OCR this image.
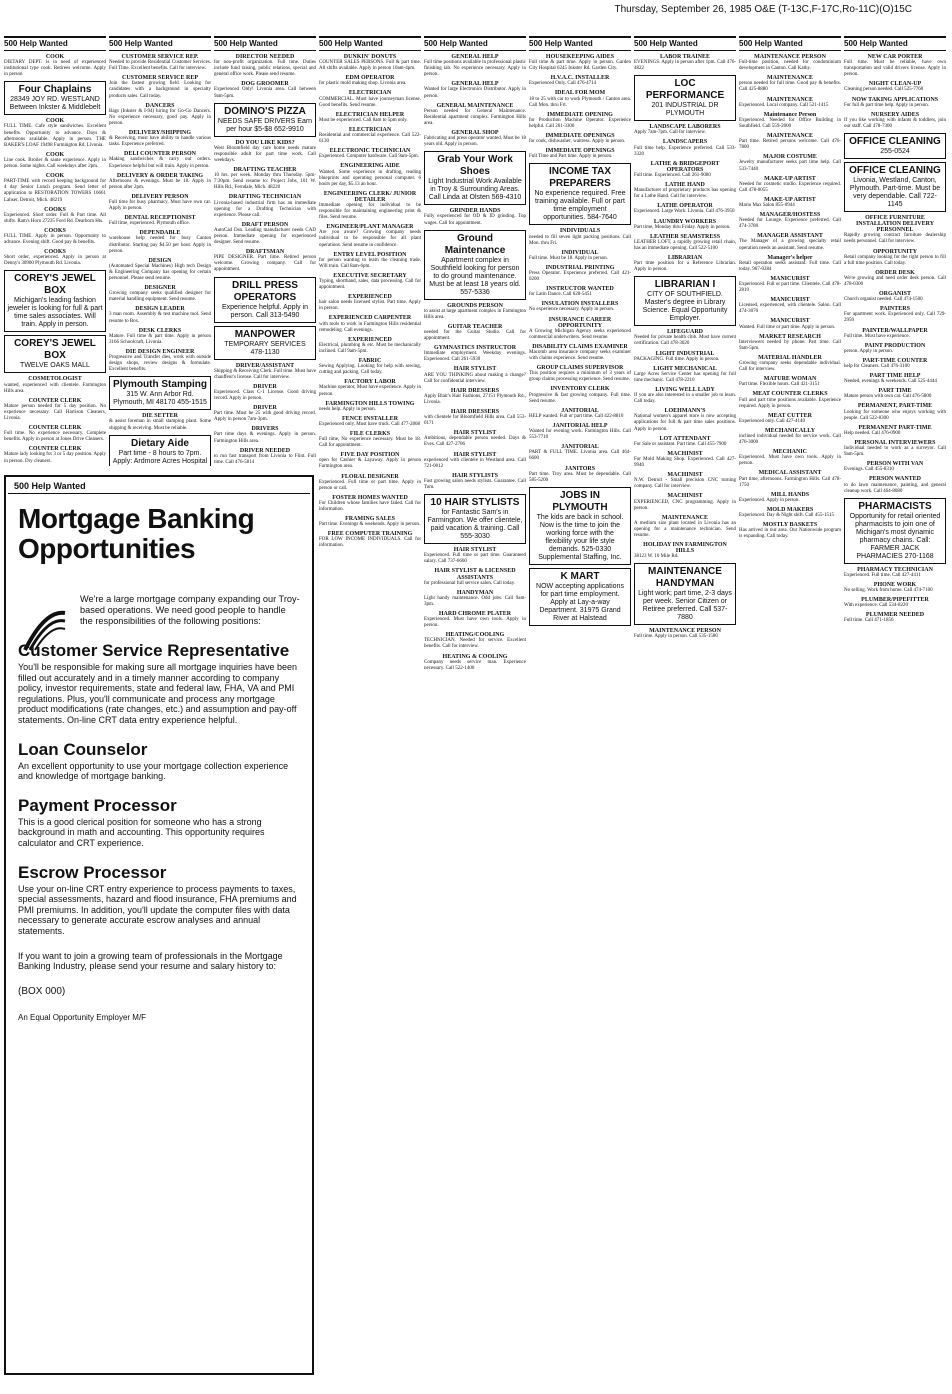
Thursday, September 26, 1985 O&E (T-13C,F-17C,Ro-11C)(O)15C
500 Help Wanted
COOK
DIETARY DEPT. is in need of experienced institutional type cook. Retirees welcome. Apply in person
Four Chaplains
28349 JOY RD. WESTLAND Between Inkster & Middlebelt
COOK
FULL TIME. Cafe style sandwiches. Excellent benefits. Opportunity to advance. Days & afternoons available. Apply in person. THE BAKER'S LOAF 19498 Farmington Rd. Livonia.
COOK
Line cook. Broiler & saute experience. Apply in person. Some nights. Call weekdays after 2pm.
COOK
PART-TIME with record keeping background for 4 day Senior Lunch program. Send letter of application to RESTORATION TOWERS 16661 Lahser, Detroit, Mich. 48219
COOKS
Experienced. Short order. Full & Part time. All shifts. Ram's Horn 27235 Ford Rd. Dearborn Hts.
COOKS
FULL TIME. Apply in person. Opportunity to advance. Evening shift. Good pay & benefits.
COOKS
Short order, experienced. Apply in person at Denny's 30900 Plymouth Rd. Livonia.
COREY'S JEWEL BOX
Michigan's leading fashion jeweler is looking for full & part time sales associates. Will train. Apply in person.
COREY'S JEWEL BOX
TWELVE OAKS MALL
COSMETOLOGIST
wanted, experienced with clientele. Farmington Hills area.
COUNTER CLERK
Mature person needed for 5 day position. No experience necessary. Call Harrison Cleaners, Livonia.
COUNTER CLERK
Full time. No experience necessary. Complete benefits. Apply in person at Jones Drive Cleaners.
COUNTER CLERK
Mature lady looking for 3 or 5 day position. Apply in person. Dry cleaners.
500 Help Wanted
CUSTOMER SERVICE REP.
Needed to provide Residential Customer Services. Full Time. Excellent benefits. Call for interview.
CUSTOMER SERVICE REP
Join the fastest growing field. Looking for candidates with a background in specialty products sales. Call today.
DANCERS
Bags (Inkster & I-94) hiring for Go-Go Dancers. No experience necessary, good pay. Apply in person.
DELIVERY/SHIPPING
& Receiving, must have ability to handle various tasks. Experience preferred.
DELI COUNTER PERSON
Making sandwiches & carry out orders. Experience helpful but will train. Apply in person.
DELIVERY & ORDER TAKING
Afternoons & evenings. Must be 18. Apply in person after 2pm.
DELIVERY PERSON
Full time for busy pharmacy. Must have own car. Apply in person.
DENTAL RECEPTIONIST
Full time, experienced. Plymouth office.
DEPENDABLE
warehouse help needed for busy Canton distributor. Starting pay $4.50 per hour. Apply in person.
DESIGN
(Automated Special Machines) High tech Design & Engineering Company has opening for certain personnel. Please send resume.
DESIGNER
Growing company seeks qualified designer for material handling equipment. Send resume.
DESIGN LEADER
3 man room. Assembly & test machine tool. Send resume to Box.
DESK CLERKS
Mature. Full time & part time. Apply in person 3166 Schoolcraft, Livonia.
DIE DESIGN ENGINEER
Progressive and Transfer dies, work with outside design shops, review designs & formulate. Excellent benefits.
Plymouth Stamping
315 W. Ann Arbor Rd. Plymouth, MI 48170 455-1515
DIE SETTER
& assist foreman in small stamping plant. Some shipping & receiving. Must be reliable.
Dietary Aide
Part time - 8 hours to 7pm. Apply: Ardmore Acres Hospital
500 Help Wanted
DIRECTOR NEEDED
for non-profit organization. Full time. Duties include fund raising, public relations, special and general office work. Please send resume.
DOG GROOMER
Experienced Only! Livonia area. Call between 9am-5pm.
DOMINO'S PIZZA
NEEDS SAFE DRIVERS Earn per hour $5-$8 652-9910
DO YOU LIKE KIDS?
West Bloomfield day care home needs mature responsible adult for part time work. Call weekdays.
DRAFTING TEACHER
10 hrs. per week. Monday thru Thursday. 5pm-7:30pm. Send resume to: Project Jobs, 101 W. Hills Rd., Ferndale, Mich. 48220
DRAFTING TECHNICIAN
Livonia-based industrial firm has an immediate opening for a Drafting Technician with experience. Please call.
DRAFT PERSON
AutoCad Dsn. Leading manufacturer needs CAD person. Immediate opening for experienced designer. Send resume.
DRAFTSMAN
PIPE DESIGNER. Part time. Retired person welcome. Growing company. Call for appointment.
DRILL PRESS OPERATORS
Experience helpful. Apply in person. Call 313-5490
MANPOWER
TEMPORARY SERVICES 478-1130
DRIVER/ASSISTANT
Shipping & Receiving Clerk. Full time. Must have chauffeur's license. Call for interview.
DRIVER
Experienced. Class C-1 License. Good driving record. Apply in person.
DRIVER
Part time. Must be 25 with good driving record. Apply in person 7am-3pm.
DRIVERS
Part time days & evenings. Apply in person. Farmington Hills area.
DRIVER NEEDED
to run fast transport from Livonia to Flint. Full time. Call 476-5814
500 Help Wanted
DUNKIN' DONUTS
COUNTER SALES PERSONS. Full & part time. All shifts available. Apply in person 10am-4pm.
EDM OPERATOR
for plastic mold making shop. Livonia area.
ELECTRICIAN
COMMERCIAL. Must have journeyman license. Good benefits. Send resume.
ELECTRICIAN HELPER
Must be experienced. Call 8am to 5pm only.
ELECTRICIAN
Residential and commercial experience. Call 522-6130
ELECTRONIC TECHNICIAN
Experienced. Computer hardware. Call 9am-5pm.
ENGINEERING AIDE
Wanted. Some experience in drafting, reading blueprints and operating personal computer. 6 hours per day, $5.13 an hour.
ENGINEERING CLERK/ JUNIOR DETAILER
Immediate opening for individual to be responsible for maintaining engineering print & files. Send resume.
ENGINEER/PLANT MANAGER
Are you aware? Growing company needs individual to be responsible for all plant operations. Send resume in confidence.
ENTRY LEVEL POSITION
for person wanting to learn the cleaning trade. Will train. Call 8am-6pm.
EXECUTIVE SECRETARY
Typing, shorthand, sales, data processing. Call for appointment.
EXPERIENCED
hair salon needs licensed stylist. Part time. Apply in person.
EXPERIENCED CARPENTER
with tools to work in Farmington Hills residential remodeling. Call evenings.
EXPERIENCED
Electrical, plumbing & etc. Must be mechanically inclined. Call 9am-5pm.
FABRIC
Sewing Applying. Looking for help with sewing, cutting and packing. Call today.
FACTORY LABOR
Machine operator, Must have experience. Apply in person.
FARMINGTON HILLS TOWING
needs help. Apply in person.
FENCE INSTALLER
Experienced only. Must have truck. Call 477-2868
FILE CLERKS
Full time, No experience necessary. Must be 18. Call for appointment.
FIVE DAY POSITION
open for Cashier & Layaway. Apply in person Farmington area.
FLORAL DESIGNER
Experienced. Full time or part time. Apply in person or call.
FOSTER HOMES WANTED
For Children whose families have failed. Call for information.
FRAMING SALES
Part time. Evenings & weekends. Apply in person.
FREE COMPUTER TRAINING
FOR LOW INCOME INDIVIDUALS. Call for information.
500 Help Wanted
GENERAL HELP
Full time positions available in professional plastic finishing lab. No experience necessary. Apply in person.
GENERAL HELP
Wanted for large Electronics Distributor. Apply in person.
GENERAL MAINTENANCE
Person needed for General Maintenance. Residential apartment complex. Farmington Hills area.
GENERAL SHOP
Fabricating and press operator wanted. Must be 18 years old. Apply in person.
Grab Your Work Shoes
Light Industrial Work Available in Troy & Surrounding Areas. Call Linda at Olsten 569-4310
GRINDER HANDS
Fully experienced for OD & ID grinding. Top wages. Call for appointment.
Ground Maintenance
Apartment complex in Southfield looking for person to do ground maintenance. Must be at least 18 years old. 557-5336
GROUNDS PERSON
to assist at large apartment complex in Farmington Hills area.
GUITAR TEACHER
needed for the Guitar Studio. Call for appointment.
GYMNASTICS INSTRUCTOR
Immediate employment. Weekday evenings. Experienced. Call 261-5930
HAIR STYLIST
ARE YOU THINKING about making a change? Call for confidential interview.
HAIR DRESSERS
Apply Blair's Hair Fashions, 27151 Plymouth Rd., Livonia.
HAIR DRESSERS
with clientele for Bloomfield Hills area. Call 553-0171
HAIR STYLIST
Ambitious, dependable person needed. Days & Eves. Call 427-2706
HAIR STYLIST
experienced with clientele in Westland area. Call 721-0012
HAIR STYLISTS
Fast growing salon needs stylists. Guarantee. Call Tom.
10 HAIR STYLISTS
for Fantastic Sam's in Farmington. We offer clientele, paid vacation & training. Call 555-3030
HAIR STYLIST
Experienced. Full time or part time. Guaranteed salary. Call 737-6660
HAIR STYLIST & LICENSED ASSISTANTS
for professional full service salon. Call today.
HANDYMAN
Light handy maintenance. Odd jobs. Call 9am-3pm.
HARD CHROME PLATER
Experienced. Must have own tools. Apply in person.
HEATING/COOLING
TECHNICIAN. Needed for service. Excellent benefits. Call for interview.
HEATING & COOLING
Company needs service man. Experience necessary. Call 522-1400
500 Help Wanted
HOUSEKEEPING AIDES
Full time & part time. Apply in person. Garden City Hospital 6245 Inkster Rd. Garden City.
H.V.A.C. INSTALLER
Experienced Only. Call 476-4714
IDEAL FOR MOM
18 to 25 with car to work Plymouth / Canton area. Call Mon. thru Fri.
IMMEDIATE OPENING
for Production Machine Operator. Experience helpful. Call 261-3300
IMMEDIATE OPENINGS
for cook, dishwasher, waitress. Apply in person.
IMMEDIATE OPENINGS
Full Time and Part time. Apply in person.
INCOME TAX PREPARERS
No experience required. Free training available. Full or part time employment opportunities. 584-7640
INDIVIDUALS
needed to fill seven light packing positions. Call Mon. thru Fri.
INDIVIDUAL
Full time. Must be 18. Apply in person.
INDUSTRIAL PRINTING
Press Operator. Experience preferred. Call 421-0200
INSTRUCTOR WANTED
for Latin Dance. Call 628-5451
INSULATION INSTALLERS
No experience necessary. Apply in person.
INSURANCE CAREER OPPORTUNITY
A Growing Michigan Agency seeks experienced commercial underwriters. Send resume.
DISABILITY CLAIMS EXAMINER
Macomb area insurance company seeks examiner with claims experience. Send resume.
GROUP CLAIMS SUPERVISOR
This position requires a minimum of 3 years of group claims processing experience. Send resume.
INVENTORY CLERK
Progressive & fast growing company. Full time. Send resume.
JANITORIAL
HELP wanted. Full or part time. Call 422-8810
JANITORIAL HELP
Wanted for evening work. Farmington Hills. Call 553-7710
JANITORIAL
PART & FULL TIME. Livonia area. Call 464-6600
JANITORS
Part time. Troy area. Must be dependable. Call 585-5200
JOBS IN PLYMOUTH
The kids are back in school. Now is the time to join the working force with the flexibility your life style demands. 525-0330 Supplemental Staffing, Inc.
K MART
NOW accepting applications for part time employment. Apply at Lay-a-way Department. 31975 Grand River at Halstead
500 Help Wanted
LABOR TRAINEE
EVENINGS. Apply in person after 1pm. Call 476-4822
LOC PERFORMANCE
201 INDUSTRIAL DR PLYMOUTH
LANDSCAPE LABORERS
Apply 7am-7pm. Call for interview.
LANDSCAPERS
Full time help. Experience preferred. Call 533-3320
LATHE & BRIDGEPORT OPERATORS
Full time. Experienced. Call 261-9080
LATHE HAND
Manufacturer of proprietary products has opening for a Lathe Hand. Call for interview.
LATHE OPERATOR
Experienced. Large Work. Livonia. Call 476-3950
LAUNDRY WORKERS
Part time, Monday thru Friday. Apply in person.
LEATHER SEAMSTRESS
LEATHER LOFT, a rapidly growing retail chain, has an immediate opening. Call 522-5100
LIBRARIAN
Part time position for a Reference Librarian. Apply in person.
LIBRARIAN I
CITY OF SOUTHFIELD. Master's degree in Library Science. Equal Opportunity Employer.
LIFEGUARD
Needed for private health club. Must have current certification. Call 478-3020
LIGHT INDUSTRIAL
PACKAGING. Full time. Apply in person.
LIGHT MECHANICAL
Large Acres Service Center has opening for full time mechanic. Call 478-2210
LIVING WELL LADY
If you are also interested in a smaller job to learn. Call today.
LOEHMANN'S
National women's apparel store is now accepting applications for full & part time sales positions. Apply in person.
LOT ATTENDANT
For Sale or assistant. Part time. Call 455-7900
MACHINIST
For Mold Making Shop. Experienced. Call 427-9940
MACHINIST
N.W. Detroit - Small precision CNC turning company. Call for interview.
MACHINIST
EXPERIENCED, CNC programming. Apply in person.
MAINTENANCE
A medium size plant located in Livonia has an opening for a maintenance technician. Send resume.
HOLIDAY INN FARMINGTON HILLS
38123 W. 10 Mile Rd.
MAINTENANCE HANDYMAN
Light work; part time, 2-3 days per week. Senior Citizen or Retiree preferred. Call 537-7880
MAINTENANCE PERSON
Full time. Apply in person. Call 535-1580
500 Help Wanted
MAINTENANCE PERSON
Full-time position, needed for condominium development in Canton. Call Kathy.
MAINTENANCE
person needed for full time. Good pay & benefits. Call 425-8880
MAINTENANCE
Experienced. Local company. Call 521-1415
Maintenance Person
Experienced. Needed for Office Building in Southfield. Call 559-2000
MAINTENANCE
Part time. Retired persons welcome. Call 476-7800
MAJOR COSTUME
Jewelry manufacturer seeks part time help. Call 533-7440
MAKE-UP ARTIST
Needed for cosmetic studio. Experience required. Call 478-0055
MAKE-UP ARTIST
Mario Max Salon 855-0944
MANAGER/HOSTESS
Needed for Lounge. Experience preferred. Call 474-3780
MANAGER ASSISTANT
The Manager of a growing specialty retail operation needs an assistant. Send resume.
Manager's helper
Retail operation seeks assistant. Full time. Call today. 967-0284
MANICURIST
Experienced. Full or part time. Clientele. Call 478-2810
MANICURIST
Licensed, experienced, with clientele. Salon. Call 474-3070
MANICURIST
Wanted. Full time or part time. Apply in person.
MARKET RESEARCH
Interviewers needed by phone. Part time. Call 9am-5pm.
MATERIAL HANDLER
Growing company seeks dependable individual. Call for interview.
MATURE WOMAN
Part time. Flexible hours. Call 421-3151
MEAT COUNTER CLERKS
Full and part time positions available. Experience required. Apply in person.
MEAT CUTTER
Experienced only. Call 427-4140
MECHANICALLY
inclined individual needed for service work. Call 476-3000
MECHANIC
Experienced. Must have own tools. Apply in person.
MEDICAL ASSISTANT
Part time, afternoons. Farmington Hills. Call 478-1750
MILL HANDS
Experienced. Apply in person.
MOLD MAKERS
Experienced. Day & Night shift. Call 455-1515
MOSTLY BASKETS
Has arrived in our area. Our Nationwide program is expanding. Call today.
500 Help Wanted
NEW CAR PORTER
Full time. Must be reliable, have own transportation and valid drivers license. Apply in person.
NIGHT CLEAN-UP
Cleaning person needed. Call 525-7760
NOW TAKING APPLICATIONS
For full & part time help. Apply in person.
NURSERY AIDES
If you like working with infants & toddlers, join our staff. Call 478-7300
OFFICE CLEANING
255-0524
OFFICE CLEANING
Livonia, Westland, Canton, Plymouth. Part-time. Must be very dependable. Call 722-1145
OFFICE FURNITURE INSTALLATION DELIVERY PERSONNEL
Rapidly growing contract furniture dealership needs personnel. Call for interview.
OPPORTUNITY
Retail company looking for the right person to fill a full time position. Call today.
ORDER DESK
We're growing and need order desk person. Call 478-0300
ORGANIST
Church organist needed. Call 474-1500
PAINTERS
For apartment work. Experienced only. Call 729-2950
PAINTER/WALLPAPER
Full time. Must have experience.
PAINT PRODUCTION
person. Apply in person.
PART-TIME COUNTER
help for Cleaners. Call 476-3100
PART TIME HELP
Needed, evenings & weekends. Call 525-4444
PART TIME
Mature person with own car. Call 476-5800
PERMANENT, PART-TIME
Looking for someone who enjoys working with people. Call 522-8300
PERMANENT PART-TIME
Help needed. Call 476-0900
PERSONAL INTERVIEWERS
Individual needed to work as a surveyor. Call 9am-5pm.
PERSON WITH VAN
Evenings. Call 455-8310
PERSON WANTED
to do lawn maintenance, painting, and general cleanup work. Call 464-8080
PHARMACISTS
Opportunity for retail oriented pharmacists to join one of Michigan's most dynamic pharmacy chains. Call: FARMER JACK PHARMACIES 270-1168
PHARMACY TECHNICIAN
Experienced. Full time. Call 427-4411
PHONE WORK
No selling. Work from home. Call 474-7100
PLUMBER/PIPEFITTER
With experience. Call 534-8220
PLUMMER NEEDED
Full time. Call 471-1856
500 Help Wanted
Mortgage Banking Opportunities
We're a large mortgage company expanding our Troy-based operations. We need good people to handle the responsibilities of the following positions:
Customer Service Representative
You'll be responsible for making sure all mortgage inquiries have been filled out accurately and in a timely manner according to company policy, investor requirements, state and federal law, FHA, VA and PMI regulations. Plus, you'll communicate and process any mortgage product modifications (rate changes, etc.) and assumption and pay-off statements. On-line CRT data entry experience helpful.
Loan Counselor
An excellent opportunity to use your mortgage collection experience and knowledge of mortgage banking.
Payment Processor
This is a good clerical position for someone who has a strong background in math and accounting. This opportunity requires calculator and CRT experience.
Escrow Processor
Use your on-line CRT entry experience to process payments to taxes, special assessments, hazard and flood insurance, FHA premiums and PMI premiums. In addition, you'll update the computer files with data necessary to generate accurate escrow analyses and annual statements.
If you want to join a growing team of professionals in the Mortgage Banking Industry, please send your resume and salary history to:
(BOX 000)
An Equal Opportunity Employer M/F
